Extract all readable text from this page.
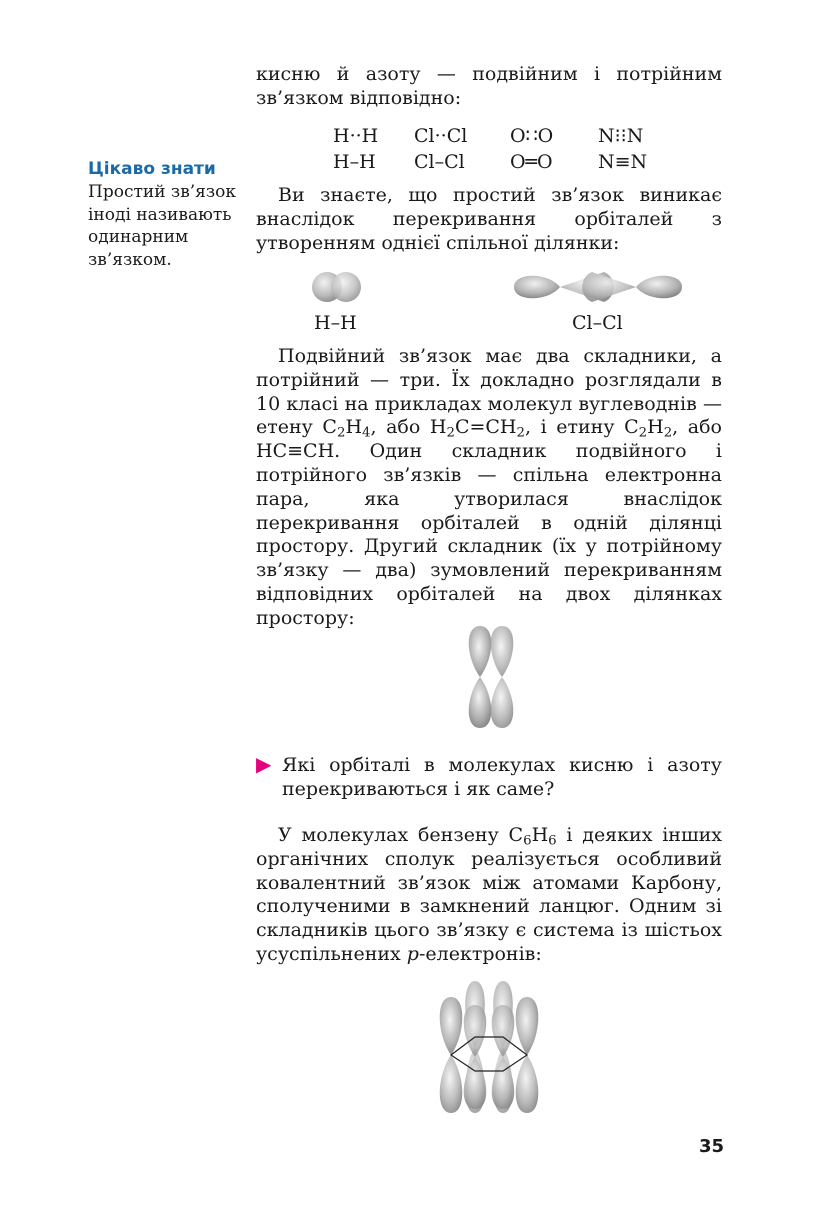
кисню й азоту — подвійним і потрійним зв’язком відповідно:
H··H Cl··Cl O∷O N⁝⁝N
H–H Cl–Cl O═O N≡N
Цікаво знати
Простий зв’язок іноді називають одинарним зв’язком.
Ви знаєте, що простий зв’язок виникає внаслідок перекривання орбіталей з утворенням однієї спільної ділянки:
H–H	Cl–Cl
Подвійний зв’язок має два складники, а потрійний — три. Їх докладно розглядали в 10 класі на прикладах молекул вуглеводнів — етену $C_2H_4$, або $H_2C=CH_2$, і етину $C_2H_2$, або HC≡CH. Один складник подвійного і потрійного зв’язків — спільна електронна пара, яка утворилася внаслідок перекривання орбіталей в одній ділянці простору. Другий складник (їх у потрійному зв’язку — два) зумовлений перекриванням відповідних орбіталей на двох ділянках простору:
▶ Які орбіталі в молекулах кисню і азоту перекриваються і як саме?
У молекулах бензену $C_6H_6$ і деяких інших органічних сполук реалізується особливий ковалентний зв’язок між атомами Карбону, сполученими в замкнений ланцюг. Одним зі складників цього зв’язку є система із шістьох усуспільнених p-електронів:
35
